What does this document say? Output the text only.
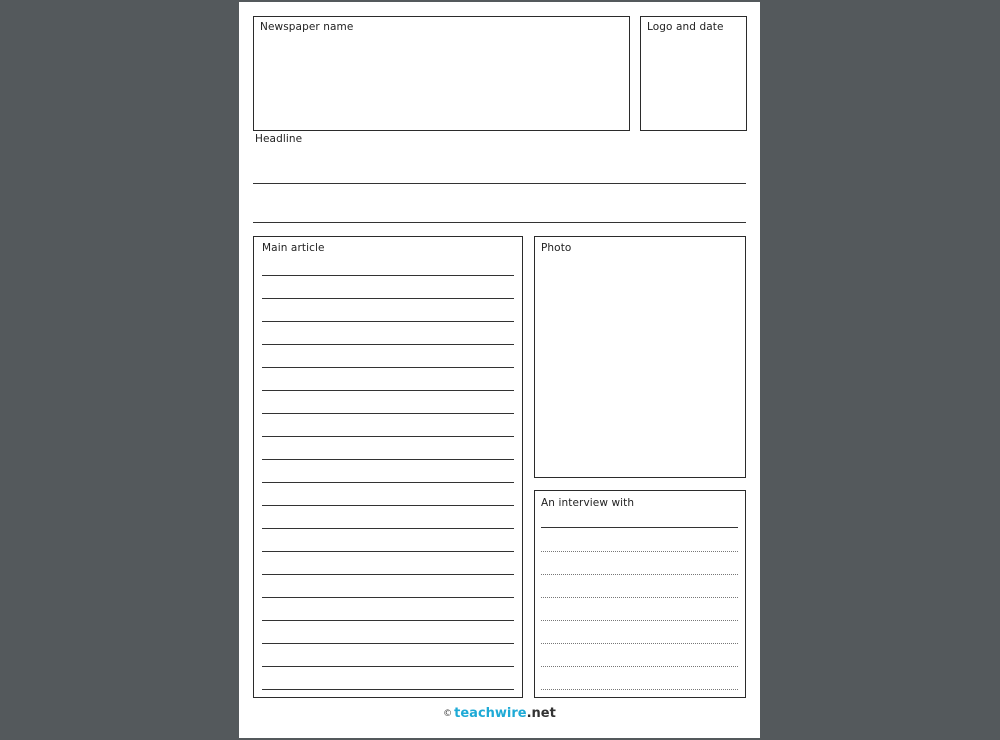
Newspaper name	Logo and date
Headline
Main article	Photo
An interview with
© teachwire.net
